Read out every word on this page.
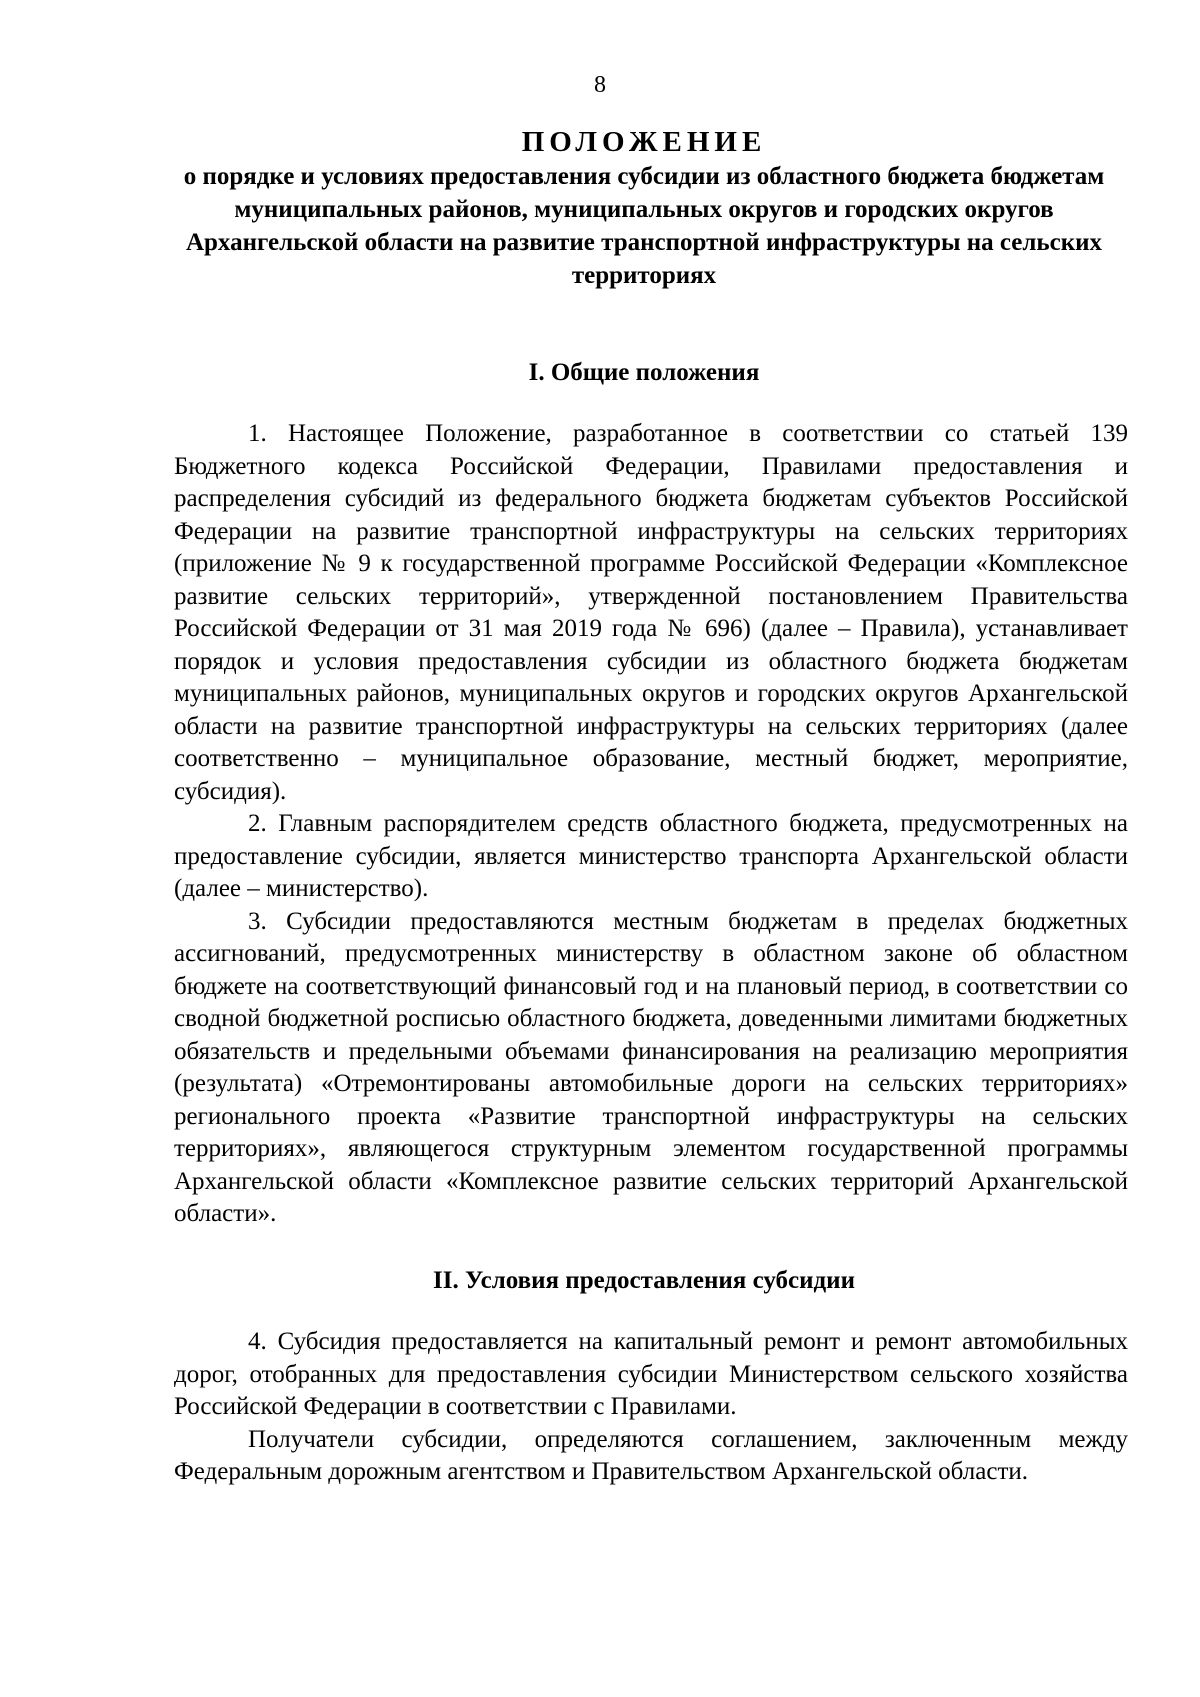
8

ПОЛОЖЕНИЕ

о порядке и условиях предоставления субсидии из областного бюджета бюджетам муниципальных районов, муниципальных округов и городских округов Архангельской области на развитие транспортной инфраструктуры на сельских территориях

I. Общие положения

1. Настоящее Положение, разработанное в соответствии со статьей 139 Бюджетного кодекса Российской Федерации, Правилами предоставления и распределения субсидий из федерального бюджета бюджетам субъектов Российской Федерации на развитие транспортной инфраструктуры на сельских территориях (приложение № 9 к государственной программе Российской Федерации «Комплексное развитие сельских территорий», утвержденной постановлением Правительства Российской Федерации от 31 мая 2019 года № 696) (далее – Правила), устанавливает порядок и условия предоставления субсидии из областного бюджета бюджетам муниципальных районов, муниципальных округов и городских округов Архангельской области на развитие транспортной инфраструктуры на сельских территориях (далее соответственно – муниципальное образование, местный бюджет, мероприятие, субсидия).

2. Главным распорядителем средств областного бюджета, предусмотренных на предоставление субсидии, является министерство транспорта Архангельской области (далее – министерство).

3. Субсидии предоставляются местным бюджетам в пределах бюджетных ассигнований, предусмотренных министерству в областном законе об областном бюджете на соответствующий финансовый год и на плановый период, в соответствии со сводной бюджетной росписью областного бюджета, доведенными лимитами бюджетных обязательств и предельными объемами финансирования на реализацию мероприятия (результата) «Отремонтированы автомобильные дороги на сельских территориях» регионального проекта «Развитие транспортной инфраструктуры на сельских территориях», являющегося структурным элементом государственной программы Архангельской области «Комплексное развитие сельских территорий Архангельской области».

II. Условия предоставления субсидии

4. Субсидия предоставляется на капитальный ремонт и ремонт автомобильных дорог, отобранных для предоставления субсидии Министерством сельского хозяйства Российской Федерации в соответствии с Правилами.

Получатели субсидии, определяются соглашением, заключенным между Федеральным дорожным агентством и Правительством Архангельской области.
